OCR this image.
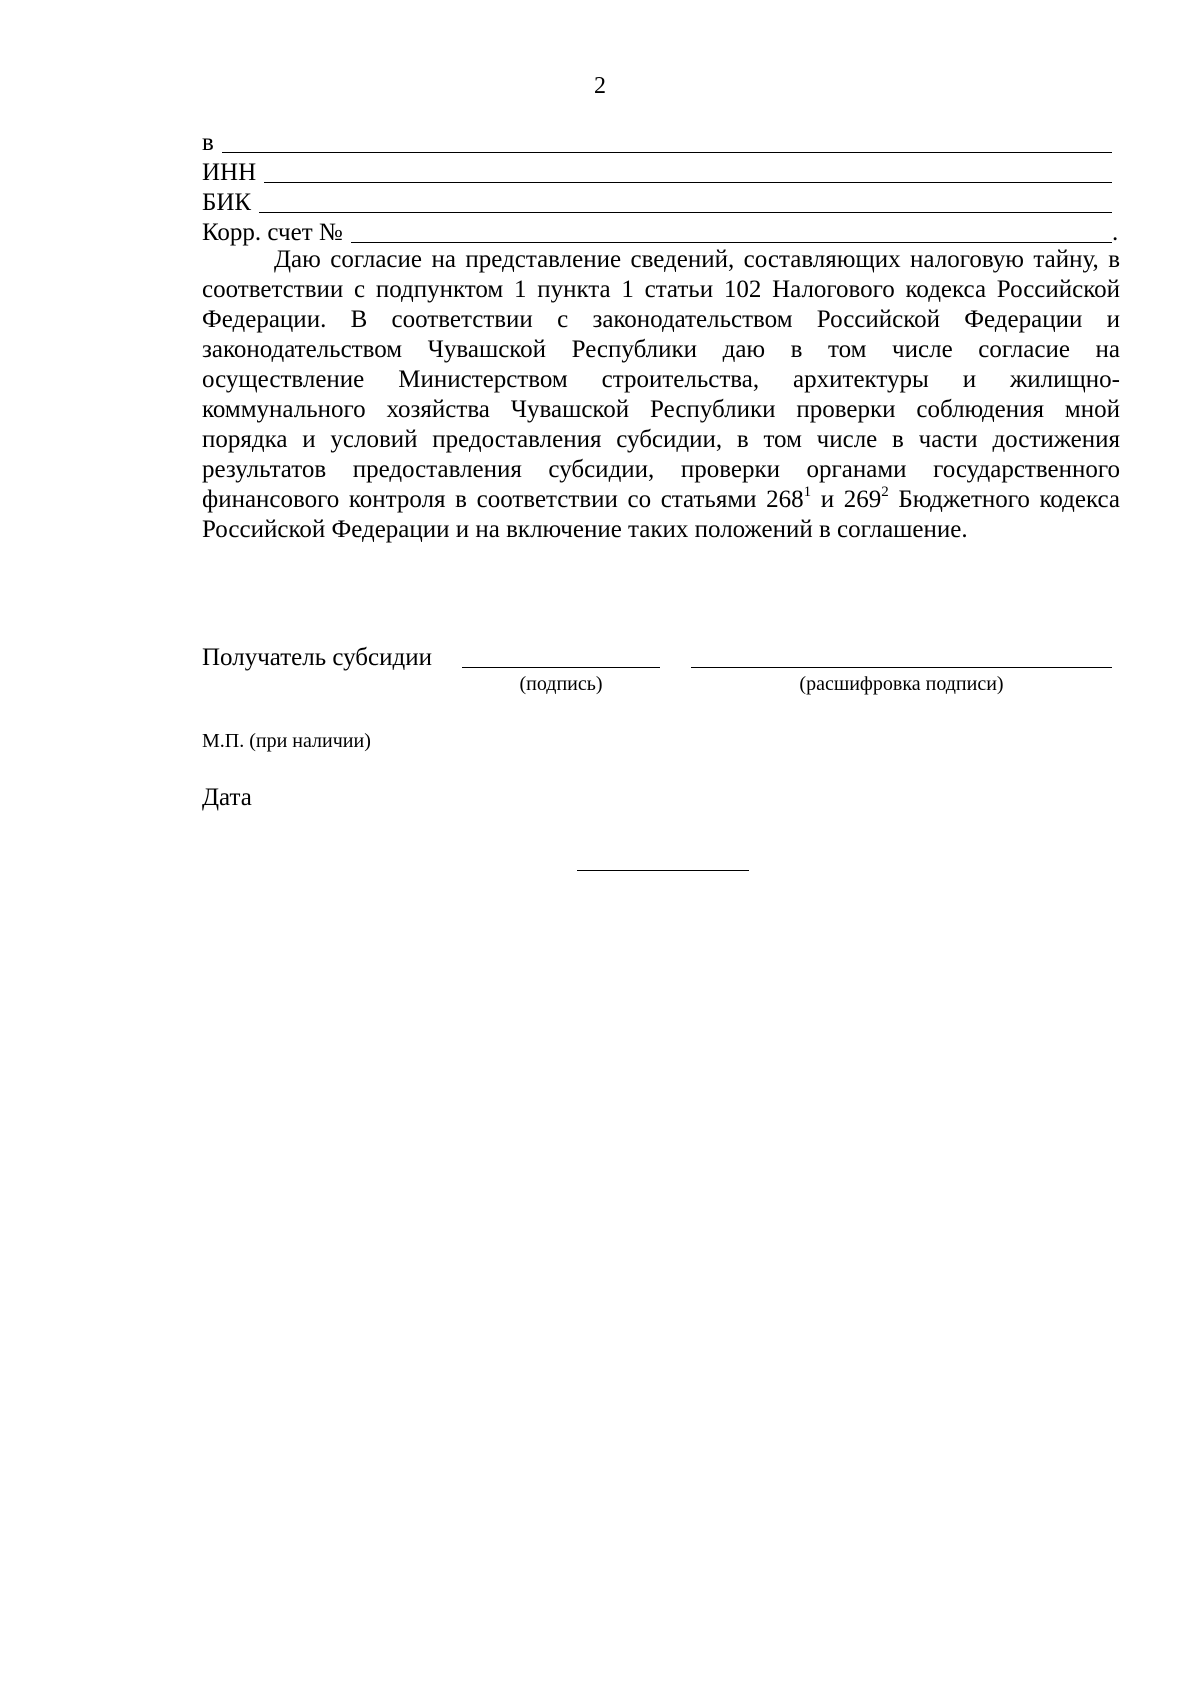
2
в
ИНН
БИК
Корр. счет №	.

Даю согласие на представление сведений, составляющих налоговую тайну, в соответствии с подпунктом 1 пункта 1 статьи 102 Налогового кодекса Российской Федерации. В соответствии с законодательством Российской Федерации и законодательством Чувашской Республики даю в том числе согласие на осуществление Министерством строительства, архитектуры и жилищно-коммунального хозяйства Чувашской Республики проверки соблюдения мной порядка и условий предоставления субсидии, в том числе в части достижения результатов предоставления субсидии, проверки органами государственного финансового контроля в соответствии со статьями $268^1$ и $269^2$ Бюджетного кодекса Российской Федерации и на включение таких положений в соглашение.

Получатель субсидии
(подпись)	(расшифровка подписи)
М.П. (при наличии)
Дата
